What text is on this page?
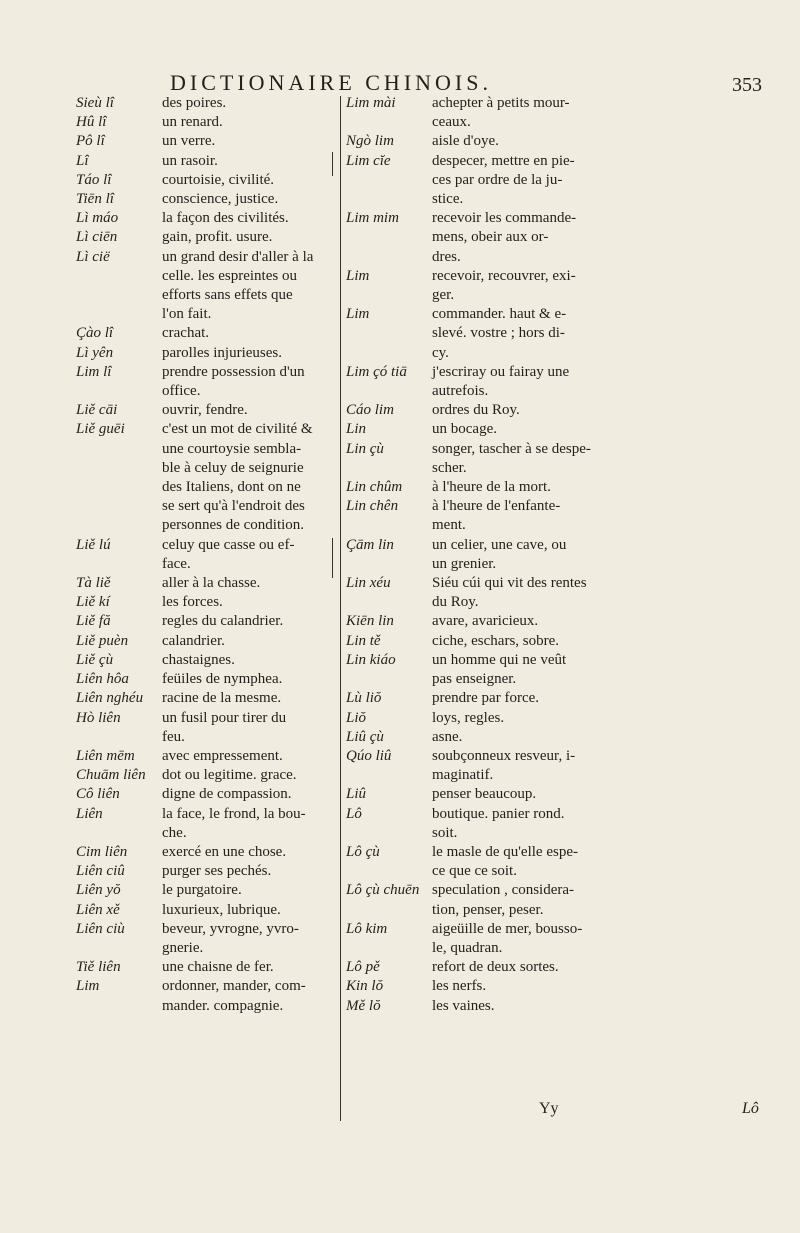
DICTIONAIRE CHINOIS.	353
Sieù lî	des poires.
Hû lî	un renard.
Pô lî	un verre.
Lî	un rasoir.
Táo lî	courtoisie, civilité.
Tiēn lî	conscience, justice.
Lì máo	la façon des civilités.
Lì ciēn	gain, profit. usure.
Lì cië	un grand desir d'aller à la
celle. les espreintes ou
efforts sans effets que
l'on fait.
Çào lî	crachat.
Lì yên	parolles injurieuses.
Lim lî	prendre possession d'un
office.
Liě cāi	ouvrir, fendre.
Liě guēi	c'est un mot de civilité &
une courtoysie sembla-
ble à celuy de seignurie
des Italiens, dont on ne
se sert qu'à l'endroit des
personnes de condition.
Liě lú	celuy que casse ou ef-
face.
Tà liě	aller à la chasse.
Liě kí	les forces.
Liě fă	regles du calandrier.
Liě puèn	calandrier.
Liě çù	chastaignes.
Liên hôa	feüiles de nymphea.
Liên nghéu	racine de la mesme.
Hò liên	un fusil pour tirer du
feu.
Liên mēm	avec empressement.
Chuām liên	dot ou legitime. grace.
Cô liên	digne de compassion.
Liên	la face, le frond, la bou-
che.
Cim liên	exercé en une chose.
Liên ciû	purger ses pechés.
Liên yŏ	le purgatoire.
Liên xě	luxurieux, lubrique.
Liên ciù	beveur, yvrogne, yvro-
gnerie.
Tiě liên	une chaisne de fer.
Lim	ordonner, mander, com-
mander. compagnie.
Lim mài	achepter à petits mour-
ceaux.
Ngò lim	aisle d'oye.
Lim cĭe	despecer, mettre en pie-
ces par ordre de la ju-
stice.
Lim mim	recevoir les commande-
mens, obeir aux or-
dres.
Lim	recevoir, recouvrer, exi-
ger.
Lim	commander. haut & e-
slevé. vostre ; hors di-
cy.
Lim çó tiā	j'escriray ou fairay une
autrefois.
Cáo lim	ordres du Roy.
Lin	un bocage.
Lin çù	songer, tascher à se despe-
scher.
Lin chûm	à l'heure de la mort.
Lin chên	à l'heure de l'enfante-
ment.
Çām lin	un celier, une cave, ou
un grenier.
Lin xéu	Siéu cúi qui vit des rentes
du Roy.
Kiēn lin	avare, avaricieux.
Lin tě	ciche, eschars, sobre.
Lin kiáo	un homme qui ne veût
pas enseigner.
Lù liŏ	prendre par force.
Liŏ	loys, regles.
Liû çù	asne.
Qúo liû	soubçonneux resveur, i-
maginatif.
Liû	penser beaucoup.
Lô	boutique. panier rond.
soit.
Lô çù	le masle de qu'elle espe-
ce que ce soit.
Lô çù chuēn speculation , considera-
tion, penser, peser.
Lô kim	aigeüille de mer, bousso-
le, quadran.
Lô pě	refort de deux sortes.
Kin lŏ	les nerfs.
Mě lŏ	les vaines.
Yy	Lô
